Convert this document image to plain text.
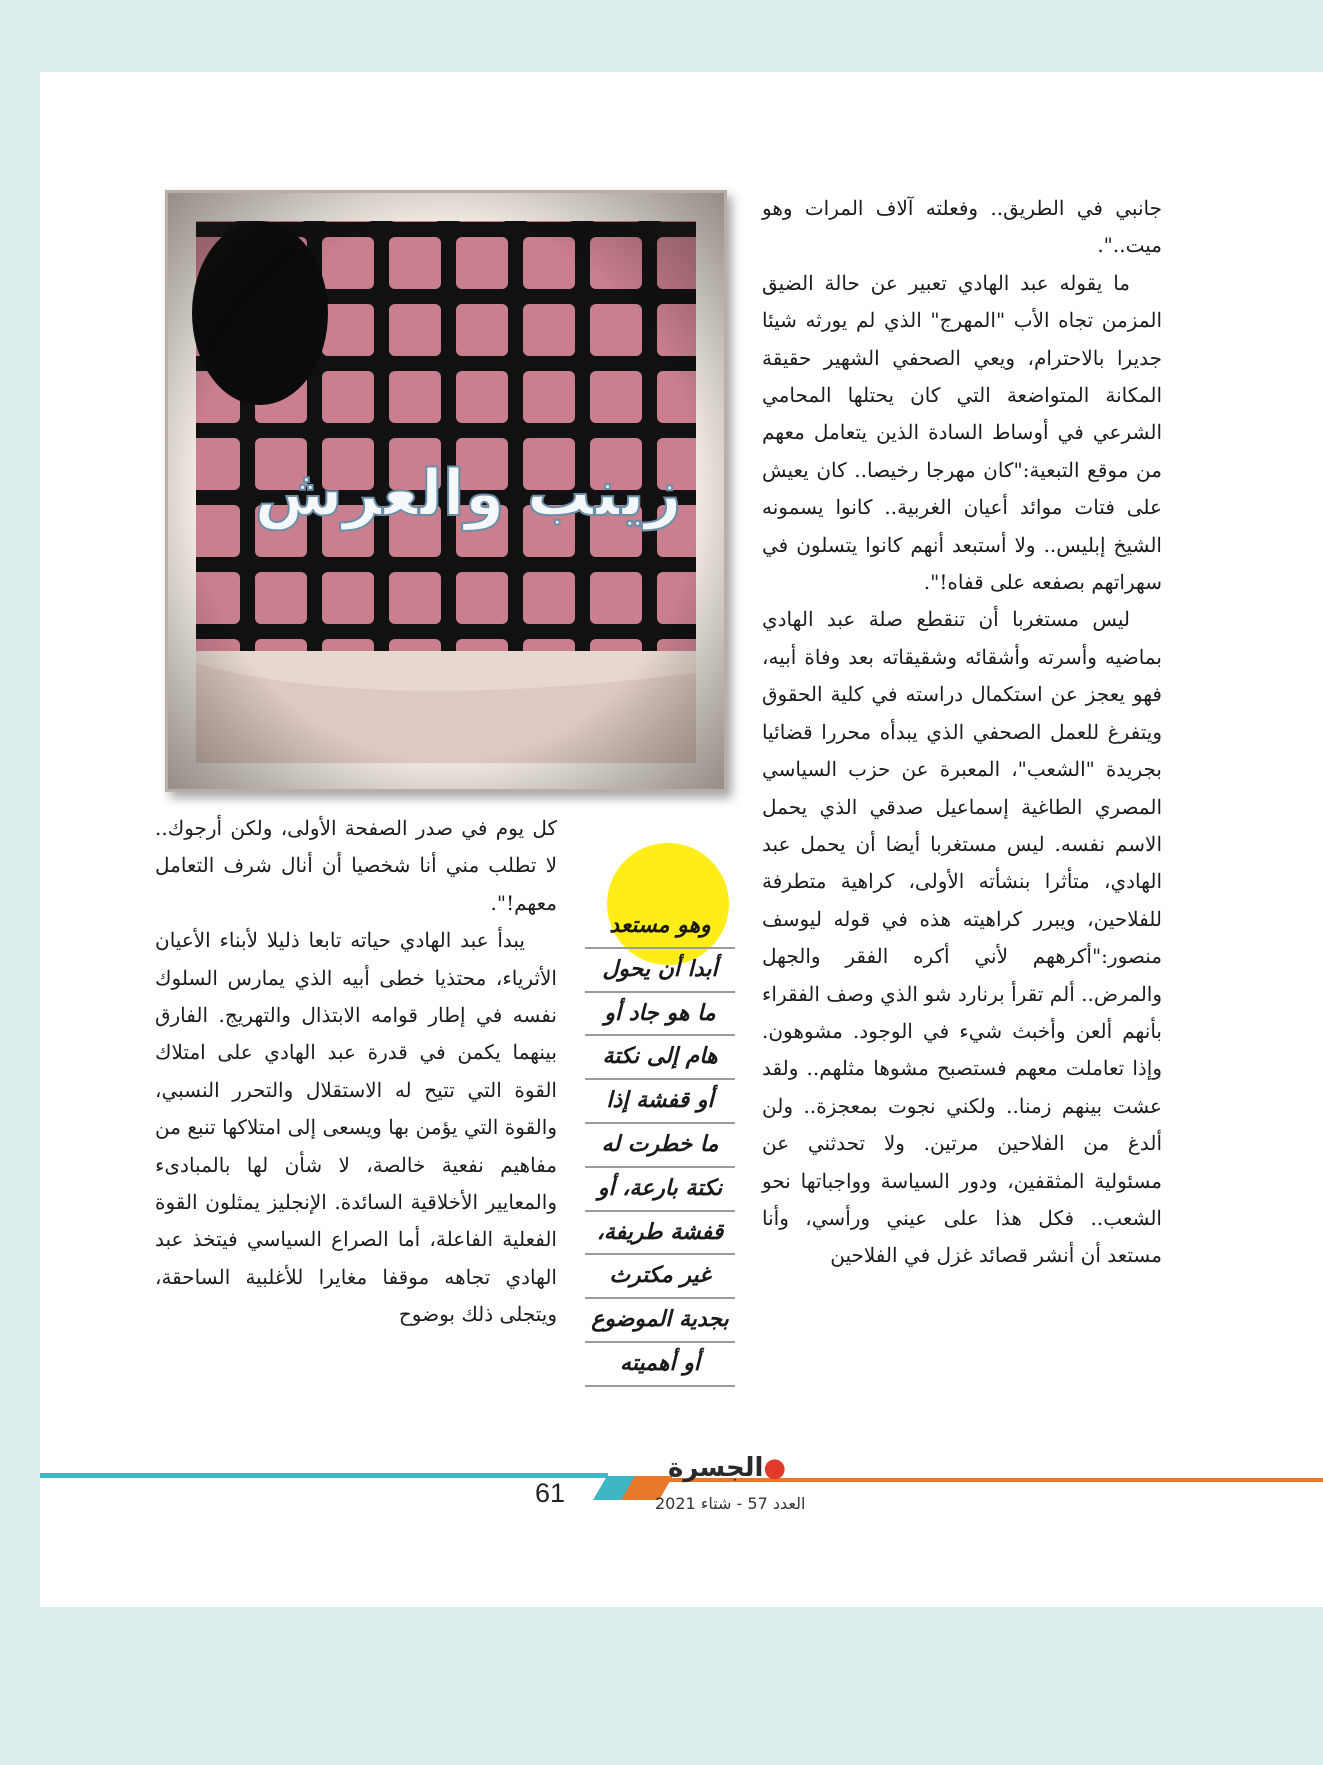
جانبي في الطريق.. وفعلته آلاف المرات وهو ميت..".

ما يقوله عبد الهادي تعبير عن حالة الضيق المزمن تجاه الأب "المهرج" الذي لم يورثه شيئا جديرا بالاحترام، ويعي الصحفي الشهير حقيقة المكانة المتواضعة التي كان يحتلها المحامي الشرعي في أوساط السادة الذين يتعامل معهم من موقع التبعية:"كان مهرجا رخيصا.. كان يعيش على فتات موائد أعيان الغربية.. كانوا يسمونه الشيخ إبليس.. ولا أستبعد أنهم كانوا يتسلون في سهراتهم بصفعه على قفاه!".

ليس مستغربا أن تنقطع صلة عبد الهادي بماضيه وأسرته وأشقائه وشقيقاته بعد وفاة أبيه، فهو يعجز عن استكمال دراسته في كلية الحقوق ويتفرغ للعمل الصحفي الذي يبدأه محررا قضائيا بجريدة "الشعب"، المعبرة عن حزب السياسي المصري الطاغية إسماعيل صدقي الذي يحمل الاسم نفسه. ليس مستغربا أيضا أن يحمل عبد الهادي، متأثرا بنشأته الأولى، كراهية متطرفة للفلاحين، ويبرر كراهيته هذه في قوله ليوسف منصور:"أكرههم لأني أكره الفقر والجهل والمرض.. ألم تقرأ برنارد شو الذي وصف الفقراء بأنهم ألعن وأخبث شيء في الوجود. مشوهون. وإذا تعاملت معهم فستصبح مشوها مثلهم.. ولقد عشت بينهم زمنا.. ولكني نجوت بمعجزة.. ولن ألدغ من الفلاحين مرتين. ولا تحدثني عن مسئولية المثقفين، ودور السياسة وواجباتها نحو الشعب.. فكل هذا على عيني ورأسي، وأنا مستعد أن أنشر قصائد غزل في الفلاحين

زينب والعرش
وهو مستعد
أبدا أن يحول
ما هو جاد أو
هام إلى نكتة
أو قفشة إذا
ما خطرت له
نكتة بارعة، أو
قفشة طريفة،
غير مكترث
بجدية الموضوع
أو أهميته

كل يوم في صدر الصفحة الأولى، ولكن أرجوك.. لا تطلب مني أنا شخصيا أن أنال شرف التعامل معهم!".

يبدأ عبد الهادي حياته تابعا ذليلا لأبناء الأعيان الأثرياء، محتذيا خطى أبيه الذي يمارس السلوك نفسه في إطار قوامه الابتذال والتهريج. الفارق بينهما يكمن في قدرة عبد الهادي على امتلاك القوة التي تتيح له الاستقلال والتحرر النسبي، والقوة التي يؤمن بها ويسعى إلى امتلاكها تنبع من مفاهيم نفعية خالصة، لا شأن لها بالمبادىء والمعايير الأخلاقية السائدة. الإنجليز يمثلون القوة الفعلية الفاعلة، أما الصراع السياسي فيتخذ عبد الهادي تجاهه موقفا مغايرا للأغلبية الساحقة، ويتجلى ذلك بوضوح

61
●الجسرة
العدد 57 - شتاء 2021
